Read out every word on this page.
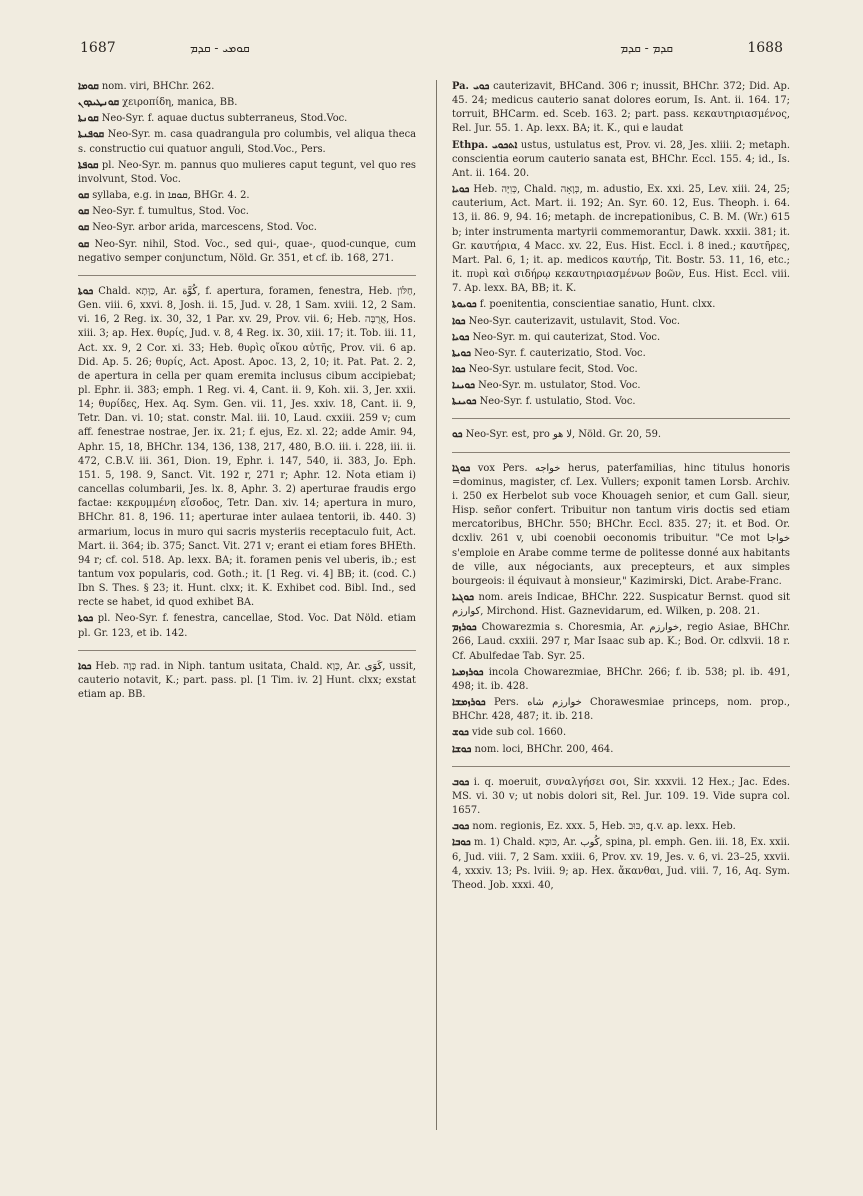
1687	ܩܘܡܝ - ܩܕܡ	ܩܕܡ - ܩܕܡ	1688
ܩܘܡܐ nom. viri, BHChr. 262.
ܩܘܢܛܝܕܘܢ χειροπίδη, manica, BB.
ܩܘܢܬܐ Neo-Syr. f. aquae ductus subterraneus, Stod.Voc.
ܩܘܦܢܬܐ Neo-Syr. m. casa quadrangula pro columbis, vel aliqua theca s. constructio cui quatuor anguli, Stod.Voc., Pers.
ܩܘܦܬܐ pl. Neo-Syr. m. pannus quo mulieres caput tegunt, vel quo res involvunt, Stod. Voc.
ܩܘ syllaba, e.g. in ܩܘܩܐ, BHGr. 4. 2.
ܩܘ Neo-Syr. f. tumultus, Stod. Voc.
ܩܘ Neo-Syr. arbor arida, marcescens, Stod. Voc.
ܩܘ Neo-Syr. nihil, Stod. Voc., sed qui-, quae-, quod-cunque, cum negativo semper conjunctum, Nöld. Gr. 351, et cf. ib. 168, 271.
ܟܘܬܐ Chald. ‏כַּוְּתָא‎, Ar. ‏كُوَّة‎, f. apertura, foramen, fenestra, Heb. ‏חַלּוֹן‎, Gen. viii. 6, xxvi. 8, Josh. ii. 15, Jud. v. 28, 1 Sam. xviii. 12, 2 Sam. vi. 16, 2 Reg. ix. 30, 32, 1 Par. xv. 29, Prov. vii. 6; Heb. ‏אֲרֻבָּה‎, Hos. xiii. 3; ap. Hex. θυρίς, Jud. v. 8, 4 Reg. ix. 30, xiii. 17; it. Tob. iii. 11, Act. xx. 9, 2 Cor. xi. 33; Heb. θυρὶς οἴκου αὐτῆς, Prov. vii. 6 ap. Did. Ap. 5. 26; θυρίς, Act. Apost. Apoc. 13, 2, 10; it. Pat. Pat. 2. 2, de apertura in cella per quam eremita inclusus cibum accipiebat; pl. Ephr. ii. 383; emph. 1 Reg. vi. 4, Cant. ii. 9, Koh. xii. 3, Jer. xxii. 14; θυρίδες, Hex. Aq. Sym. Gen. vii. 11, Jes. xxiv. 18, Cant. ii. 9, Tetr. Dan. vi. 10; stat. constr. Mal. iii. 10, Laud. cxxiii. 259 v; cum aff. fenestrae nostrae, Jer. ix. 21; f. ejus, Ez. xl. 22; adde Amir. 94, Aphr. 15, 18, BHChr. 134, 136, 138, 217, 480, B.O. iii. i. 228, iii. ii. 472, C.B.V. iii. 361, Dion. 19, Ephr. i. 147, 540, ii. 383, Jo. Eph. 151. 5, 198. 9, Sanct. Vit. 192 r, 271 r; Aphr. 12. Nota etiam i) cancellas columbarii, Jes. lx. 8, Aphr. 3. 2) aperturae fraudis ergo factae: κεκρυμμένη εἴσοδος, Tetr. Dan. xiv. 14; apertura in muro, BHChr. 81. 8, 196. 11; aperturae inter aulaea tentorii, ib. 440. 3) armarium, locus in muro qui sacris mysteriis receptaculo fuit, Act. Mart. ii. 364; ib. 375; Sanct. Vit. 271 v; erant ei etiam fores BHEth. 94 r; cf. col. 518. Ap. lexx. BA; it. foramen penis vel uberis, ib.; est tantum vox popularis, cod. Goth.; it. [1 Reg. vi. 4] BB; it. (cod. C.) Ibn S. Thes. § 23; it. Hunt. clxx; it. K. Exhibet cod. Bibl. Ind., sed recte se habet, id quod exhibet BA.
ܟܘܬܐ pl. Neo-Syr. f. fenestra, cancellae, Stod. Voc. Dat Nöld. etiam pl. Gr. 123, et ib. 142.
ܟܘܐ Heb. ‏כָּוָה‎ rad. in Niph. tantum usitata, Chald. ‏כְּוָא‎, Ar. ‏كَوَى‎, ussit, cauterio notavit, K.; part. pass. pl. [1 Tim. iv. 2] Hunt. clxx; exstat etiam ap. BB.
Pa. ܟܘܝ cauterizavit, BHCand. 306 r; inussit, BHChr. 372; Did. Ap. 45. 24; medicus cauterio sanat dolores eorum, Is. Ant. ii. 164. 17; torruit, BHCarm. ed. Sceb. 163. 2; part. pass. κεκαυτηριασμένος, Rel. Jur. 55. 1. Ap. lexx. BA; it. K., qui e laudat
Ethpa. ܐܬܟܘܝ ustus, ustulatus est, Prov. vi. 28, Jes. xliii. 2; metaph. conscientia eorum cauterio sanata est, BHChr. Eccl. 155. 4; id., Is. Ant. ii. 164. 20.
ܟܘܝܐ Heb. ‏כְּוִיָּה‎, Chald. ‏כְּוָאָה‎, m. adustio, Ex. xxi. 25, Lev. xiii. 24, 25; cauterium, Act. Mart. ii. 192; An. Syr. 60. 12, Eus. Theoph. i. 64. 13, ii. 86. 9, 94. 16; metaph. de increpationibus, C. B. M. (Wr.) 615 b; inter instrumenta martyrii commemorantur, Dawk. xxxii. 381; it. Gr. καυτήρια, 4 Macc. xv. 22, Eus. Hist. Eccl. i. 8 ined.; καυτῆρες, Mart. Pal. 6, 1; it. ap. medicos καυτήρ, Tit. Bostr. 53. 11, 16, etc.; it. πυρὶ καὶ σιδήρῳ κεκαυτηριασμένων βοῶν, Eus. Hist. Eccl. viii. 7. Ap. lexx. BA, BB; it. K.
ܟܘܝܘܬܐ f. poenitentia, conscientiae sanatio, Hunt. clxx.
ܟܘܐ Neo-Syr. cauterizavit, ustulavit, Stod. Voc.
ܟܘܝܐ Neo-Syr. m. qui cauterizat, Stod. Voc.
ܟܘܝܬܐ Neo-Syr. f. cauterizatio, Stod. Voc.
ܟܘܐ Neo-Syr. ustulare fecit, Stod. Voc.
ܟܘܝܢܐ Neo-Syr. m. ustulator, Stod. Voc.
ܟܘܝܢܬܐ Neo-Syr. f. ustulatio, Stod. Voc.
ܟܘ Neo-Syr. est, pro ‏لا هو‎, Nöld. Gr. 20, 59.
ܟܘܓܐ vox Pers. ‏خواجه‎ herus, paterfamilias, hinc titulus honoris =dominus, magister, cf. Lex. Vullers; exponit tamen Lorsb. Archiv. i. 250 ex Herbelot sub voce Khouageh senior, et cum Gall. sieur, Hisp. señor confert. Tribuitur non tantum viris doctis sed etiam mercatoribus, BHChr. 550; BHChr. Eccl. 835. 27; it. et Bod. Or. dcxliv. 261 v, ubi coenobii oeconomis tribuitur. "Ce mot ‏خواجا‎ s'emploie en Arabe comme terme de politesse donné aux habitants de ville, aux négociants, aux precepteurs, et aux simples bourgeois: il équivaut à monsieur," Kazimirski, Dict. Arabe-Franc.
ܟܘܓܝܐ nom. areis Indicae, BHChr. 222. Suspicatur Bernst. quod sit ‏كوارزم‎, Mirchond. Hist. Gaznevidarum, ed. Wilken, p. 208. 21.
ܟܘܪܙܡ Chowarezmia s. Choresmia, Ar. ‏خوارزم‎, regio Asiae, BHChr. 266, Laud. cxxiii. 297 r, Mar Isaac sub ap. K.; Bod. Or. cdlxvii. 18 r. Cf. Abulfedae Tab. Syr. 25.
ܟܘܪܙܡܝܐ incola Chowarezmiae, BHChr. 266; f. ib. 538; pl. ib. 491, 498; it. ib. 428.
ܟܘܪܙܡܫܐ Pers. ‏خوارزم شاه‎ Chorawesmiae princeps, nom. prop., BHChr. 428, 487; it. ib. 218.
ܟܘܫ vide sub col. 1660.
ܟܘܫܐ nom. loci, BHChr. 200, 464.
ܟܘܒ i. q. moeruit, συναλγήσει σοι, Sir. xxxvii. 12 Hex.; Jac. Edes. MS. vi. 30 v; ut nobis dolori sit, Rel. Jur. 109. 19. Vide supra col. 1657.
ܟܘܒ nom. regionis, Ez. xxx. 5, Heb. ‏כּוּב‎, q.v. ap. lexx. Heb.
ܟܘܒܐ m. 1) Chald. ‏כּוּבָא‎, Ar. ‏كُوب‎, spina, pl. emph. Gen. iii. 18, Ex. xxii. 6, Jud. viii. 7, 2 Sam. xxiii. 6, Prov. xv. 19, Jes. v. 6, vi. 23–25, xxvii. 4, xxxiv. 13; Ps. lviii. 9; ap. Hex. ἄκανθαι, Jud. viii. 7, 16, Aq. Sym. Theod. Job. xxxi. 40,
